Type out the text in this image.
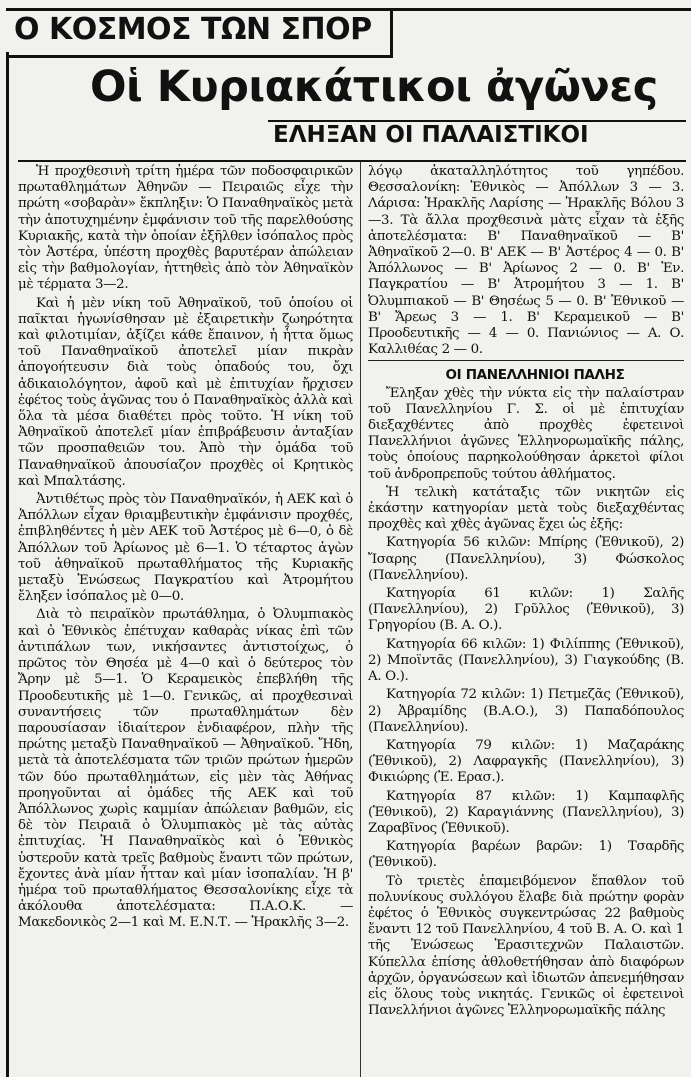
Ο ΚΟΣΜΟΣ ΤΩΝ ΣΠΟΡ
Οἱ Κυριακάτικοι ἀγῶνες
ΕΛΗΞΑΝ ΟΙ ΠΑΛΑΙΣΤΙΚΟΙ

Ἡ προχθεσινὴ τρίτη ἡμέρα τῶν ποδοσφαιρικῶν πρωταθλημάτων Ἀθηνῶν — Πειραιῶς εἶχε τὴν πρώτη «σοβαρὰν» ἔκπληξιν: Ὁ Παναθηναϊκὸς μετὰ τὴν ἀποτυχημένην ἐμφάνισιν τοῦ τῆς παρελθούσης Κυριακῆς, κατὰ τὴν ὁποίαν ἐξῆλθεν ἰσόπαλος πρὸς τὸν Ἀστέρα, ὑπέστη προχθὲς βαρυτέραν ἀπώλειαν εἰς τὴν βαθμολογίαν, ἡττηθεὶς ἀπὸ τὸν Ἀθηναϊκὸν μὲ τέρματα 3—2.

Καὶ ἡ μὲν νίκη τοῦ Ἀθηναϊκοῦ, τοῦ ὁποίου οἱ παῖκται ἠγωνίσθησαν μὲ ἐξαιρετικὴν ζωηρότητα καὶ φιλοτιμίαν, ἀξίζει κάθε ἔπαινον, ἡ ἧττα ὅμως τοῦ Παναθηναϊκοῦ ἀποτελεῖ μίαν πικρὰν ἀπογοήτευσιν διὰ τοὺς ὀπαδούς του, ὄχι ἀδικαιολόγητον, ἀφοῦ καὶ μὲ ἐπιτυχίαν ἤρχισεν ἐφέτος τοὺς ἀγῶνας του ὁ Παναθηναϊκὸς ἀλλὰ καὶ ὅλα τὰ μέσα διαθέτει πρὸς τοῦτο. Ἡ νίκη τοῦ Ἀθηναϊκοῦ ἀποτελεῖ μίαν ἐπιβράβευσιν ἀνταξίαν τῶν προσπαθειῶν του. Ἀπὸ τὴν ὁμάδα τοῦ Παναθηναϊκοῦ ἀπουσίαζον προχθὲς οἱ Κρητικὸς καὶ Μπαλτάσης.

Ἀντιθέτως πρὸς τὸν Παναθηναϊκόν, ἡ ΑΕΚ καὶ ὁ Ἀπόλλων εἶχαν θριαμβευτικὴν ἐμφάνισιν προχθές, ἐπιβληθέντες ἡ μὲν ΑΕΚ τοῦ Ἀστέρος μὲ 6—0, ὁ δὲ Ἀπόλλων τοῦ Ἀρίωνος μὲ 6—1. Ὁ τέταρτος ἀγὼν τοῦ ἀθηναϊκοῦ πρωταθλήματος τῆς Κυριακῆς μεταξὺ Ἑνώσεως Παγκρατίου καὶ Ἀτρομήτου ἔληξεν ἰσόπαλος μὲ 0—0.

Διὰ τὸ πειραϊκὸν πρωτάθλημα, ὁ Ὀλυμπιακὸς καὶ ὁ Ἐθνικὸς ἐπέτυχαν καθαρὰς νίκας ἐπὶ τῶν ἀντιπάλων των, νικήσαντες ἀντιστοίχως, ὁ πρῶτος τὸν Θησέα μὲ 4—0 καὶ ὁ δεύτερος τὸν Ἄρην μὲ 5—1. Ὁ Κεραμεικὸς ἐπεβλήθη τῆς Προοδευτικῆς μὲ 1—0. Γενικῶς, αἱ προχθεσιναὶ συναντήσεις τῶν πρωταθλημάτων δὲν παρουσίασαν ἰδιαίτερον ἐνδιαφέρον, πλὴν τῆς πρώτης μεταξὺ Παναθηναϊκοῦ — Ἀθηναϊκοῦ. Ἤδη, μετὰ τὰ ἀποτελέσματα τῶν τριῶν πρώτων ἡμερῶν τῶν δύο πρωταθλημάτων, εἰς μὲν τὰς Ἀθήνας προηγοῦνται αἱ ὁμάδες τῆς ΑΕΚ καὶ τοῦ Ἀπόλλωνος χωρὶς καμμίαν ἀπώλειαν βαθμῶν, εἰς δὲ τὸν Πειραιᾶ ὁ Ὀλυμπιακὸς μὲ τὰς αὐτὰς ἐπιτυχίας. Ἡ Παναθηναϊκὸς καὶ ὁ Ἐθνικὸς ὑστεροῦν κατὰ τρεῖς βαθμοὺς ἔναντι τῶν πρώτων, ἔχοντες ἀνὰ μίαν ἧτταν καὶ μίαν ἰσοπαλίαν. Ἡ β' ἡμέρα τοῦ πρωταθλήματος Θεσσαλονίκης εἶχε τὰ ἀκόλουθα ἀποτελέσματα: Π.Α.Ο.Κ. — Μακεδονικὸς 2—1 καὶ Μ. Ε.Ν.Τ. — Ἡρακλῆς 3—2.

λόγῳ ἀκαταλληλότητος τοῦ γηπέδου. Θεσσαλονίκη: Ἐθνικὸς — Ἀπόλλων 3 — 3. Λάρισα: Ἡρακλῆς Λαρίσης — Ἡρακλῆς Βόλου 3—3. Τὰ ἄλλα προχθεσινὰ μὰτς εἶχαν τὰ ἑξῆς ἀποτελέσματα: Β' Παναθηναϊκοῦ — Β' Ἀθηναϊκοῦ 2—0. Β' ΑΕΚ — Β' Ἀστέρος 4 — 0. Β' Ἀπόλλωνος — Β' Ἀρίωνος 2 — 0. Β' Ἐν. Παγκρατίου — Β' Ἀτρομήτου 3 — 1. Β' Ὀλυμπιακοῦ — Β' Θησέως 5 — 0. Β' Ἐθνικοῦ — Β' Ἄρεως 3 — 1. Β' Κεραμεικοῦ — Β' Προοδευτικῆς — 4 — 0. Πανιώνιος — Α. Ο. Καλλιθέας 2 — 0.

ΟΙ ΠΑΝΕΛΛΗΝΙΟΙ ΠΑΛΗΣ

Ἔληξαν χθὲς τὴν νύκτα εἰς τὴν παλαίστραν τοῦ Πανελληνίου Γ. Σ. οἱ μὲ ἐπιτυχίαν διεξαχθέντες ἀπὸ προχθὲς ἐφετεινοὶ Πανελλήνιοι ἀγῶνες Ἑλληνορωμαϊκῆς πάλης, τοὺς ὁποίους παρηκολούθησαν ἀρκετοὶ φίλοι τοῦ ἀνδροπρεποῦς τούτου ἀθλήματος.

Ἡ τελικὴ κατάταξις τῶν νικητῶν εἰς ἑκάστην κατηγορίαν μετὰ τοὺς διεξαχθέντας προχθὲς καὶ χθὲς ἀγῶνας ἔχει ὡς ἑξῆς:

Κατηγορία 56 κιλῶν: Μπίρης (Ἐθνικοῦ), 2) Ἴσαρης (Πανελληνίου), 3) Φώσκολος (Πανελληνίου).

Κατηγορία 61 κιλῶν: 1) Σαλῆς (Πανελληνίου), 2) Γρῦλλος (Ἐθνικοῦ), 3) Γρηγορίου (Β. Α. Ο.).

Κατηγορία 66 κιλῶν: 1) Φιλίππης (Ἐθνικοῦ), 2) Μποϊντᾶς (Πανελληνίου), 3) Γιαγκούδης (Β. Α. Ο.).

Κατηγορία 72 κιλῶν: 1) Πετμεζᾶς (Ἐθνικοῦ), 2) Ἀβραμίδης (Β.Α.Ο.), 3) Παπαδόπουλος (Πανελληνίου).

Κατηγορία 79 κιλῶν: 1) Μαζαράκης (Ἐθνικοῦ), 2) Λαφραγκῆς (Πανελληνίου), 3) Φικιώρης (Ἐ. Ερασ.).

Κατηγορία 87 κιλῶν: 1) Καμπαφλῆς (Ἐθνικοῦ), 2) Καραγιάννης (Πανελληνίου), 3) Ζαραβῖνος (Ἐθνικοῦ).

Κατηγορία βαρέων βαρῶν: 1) Τσαρδῆς (Ἐθνικοῦ).

Τὸ τριετὲς ἐπαμειβόμενον ἔπαθλον τοῦ πολυνίκους συλλόγου ἔλαβε διὰ πρώτην φορὰν ἐφέτος ὁ Ἐθνικὸς συγκεντρώσας 22 βαθμοὺς ἔναντι 12 τοῦ Πανελληνίου, 4 τοῦ Β. Α. Ο. καὶ 1 τῆς Ἑνώσεως Ἐρασιτεχνῶν Παλαιστῶν. Κύπελλα ἐπίσης ἀθλοθετήθησαν ἀπὸ διαφόρων ἀρχῶν, ὀργανώσεων καὶ ἰδιωτῶν ἀπενεμήθησαν εἰς ὅλους τοὺς νικητάς. Γενικῶς οἱ ἐφετεινοὶ Πανελλήνιοι ἀγῶνες Ἑλληνορωμαϊκῆς πάλης
